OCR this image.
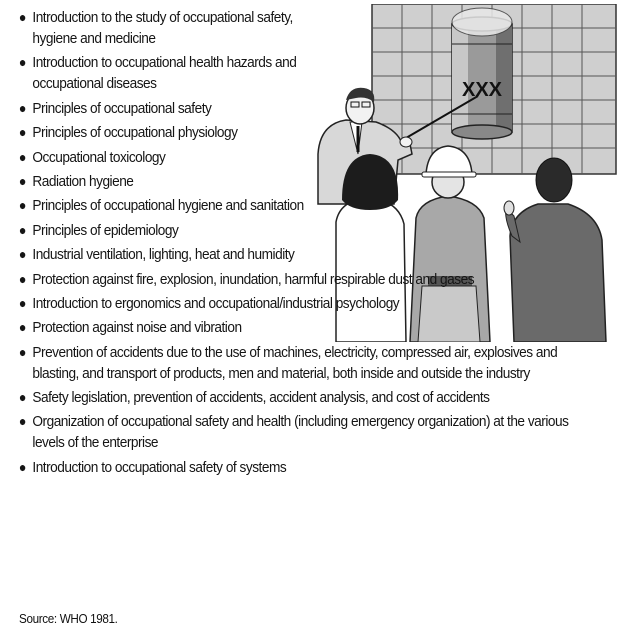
XXX
● Introduction to the study of occupational safety, hygiene and medicine
● Introduction to occupational health hazards and occupational diseases
● Principles of occupational safety
● Principles of occupational physiology
● Occupational toxicology
● Radiation hygiene
● Principles of occupational hygiene and sanitation
● Principles of epidemiology
● Industrial ventilation, lighting, heat and humidity
● Protection against fire, explosion, inundation, harmful respirable dust and gases
● Introduction to ergonomics and occupational/industrial psychology
● Protection against noise and vibration
● Prevention of accidents due to the use of machines, electricity, compressed air, explosives and blasting, and transport of products, men and material, both inside and outside the industry
● Safety legislation, prevention of accidents, accident analysis, and cost of accidents
● Organization of occupational safety and health (including emergency organization) at the various levels of the enterprise
● Introduction to occupational safety of systems
Source: WHO 1981.
